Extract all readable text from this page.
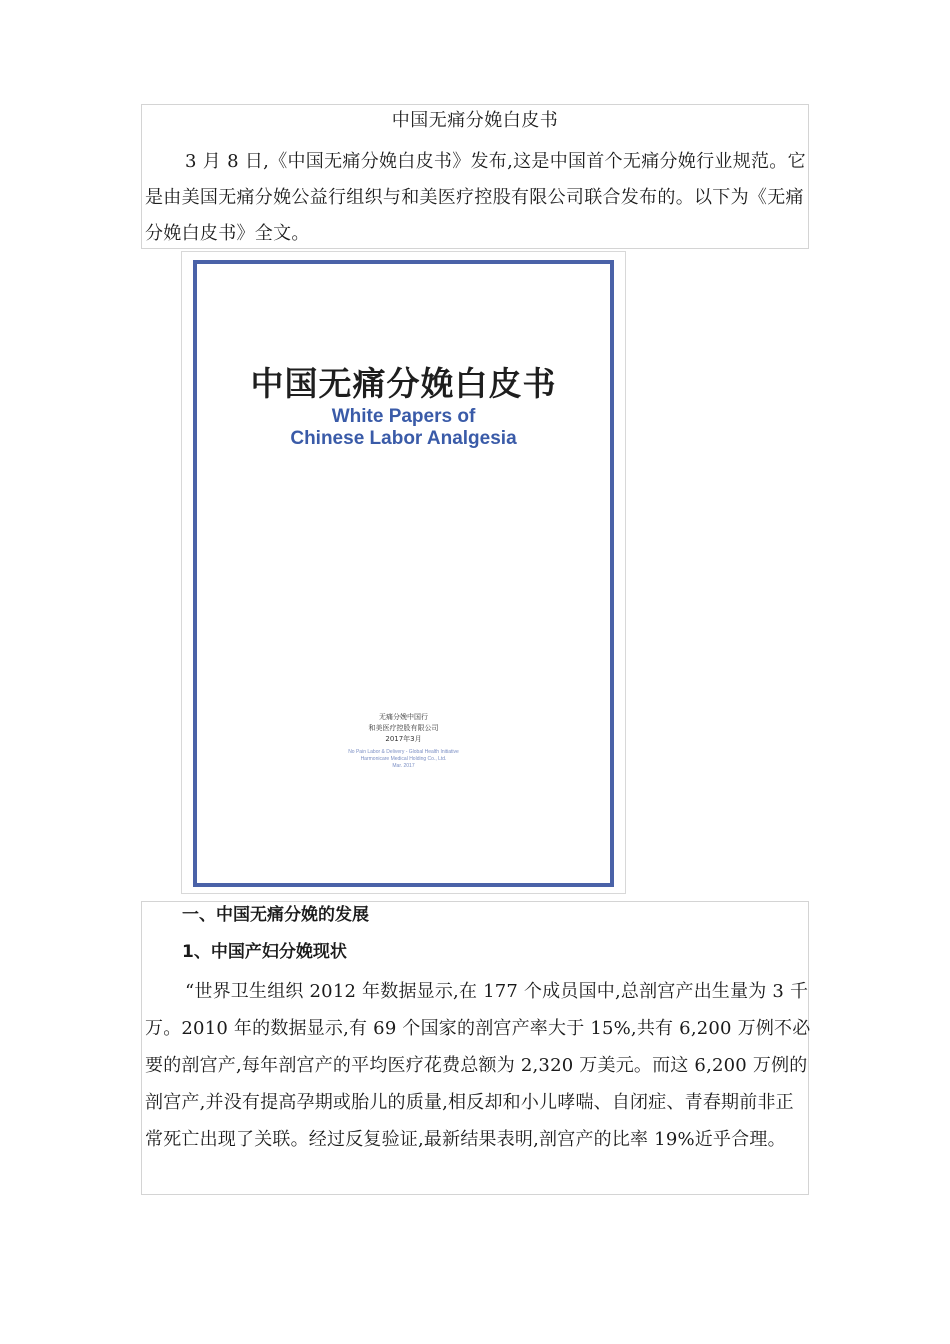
中国无痛分娩白皮书

3 月 8 日,《中国无痛分娩白皮书》发布,这是中国首个无痛分娩行业规范。它是由美国无痛分娩公益行组织与和美医疗控股有限公司联合发布的。以下为《无痛分娩白皮书》全文。

中国无痛分娩白皮书
White Papers of
Chinese Labor Analgesia
无痛分娩中国行
和美医疗控股有限公司
2017年3月
No Pain Labor & Delivery - Global Health Initiative
Harmonicare Medical Holding Co., Ltd.
Mar. 2017
一、中国无痛分娩的发展
1、中国产妇分娩现状

“世界卫生组织 2012 年数据显示,在 177 个成员国中,总剖宫产出生量为 3 千万。2010 年的数据显示,有 69 个国家的剖宫产率大于 15%,共有 6,200 万例不必要的剖宫产,每年剖宫产的平均医疗花费总额为 2,320 万美元。而这 6,200 万例的剖宫产,并没有提高孕期或胎儿的质量,相反却和小儿哮喘、自闭症、青春期前非正常死亡出现了关联。经过反复验证,最新结果表明,剖宫产的比率 19%近乎合理。
